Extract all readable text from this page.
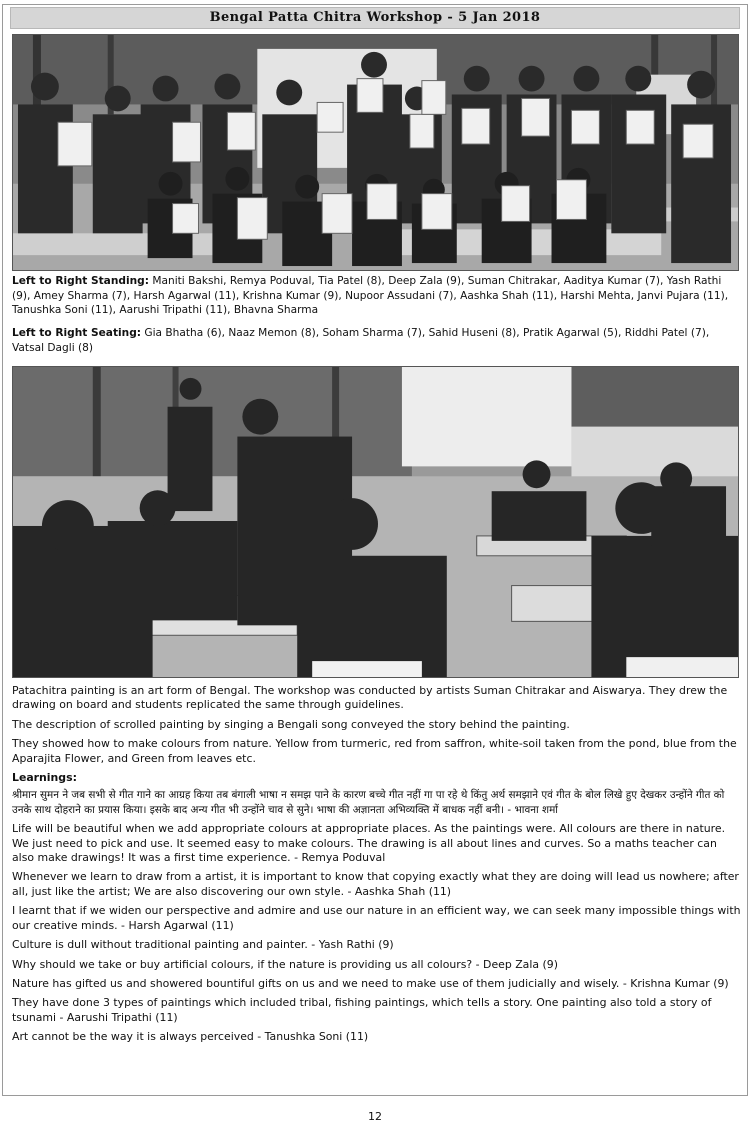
Bengal Patta Chitra Workshop - 5 Jan 2018
Left to Right Standing: Maniti Bakshi, Remya Poduval, Tia Patel (8), Deep Zala (9), Suman Chitrakar, Aaditya Kumar (7), Yash Rathi (9), Amey Sharma (7), Harsh Agarwal (11), Krishna Kumar (9), Nupoor Assudani (7), Aashka Shah (11), Harshi Mehta, Janvi Pujara (11), Tanushka Soni (11), Aarushi Tripathi (11), Bhavna Sharma
Left to Right Seating: Gia Bhatha (6), Naaz Memon (8), Soham Sharma (7), Sahid Huseni (8), Pratik Agarwal (5), Riddhi Patel (7), Vatsal Dagli (8)

Patachitra painting is an art form of Bengal. The workshop was conducted by artists Suman Chitrakar and Aiswarya. They drew the drawing on board and students replicated the same through guidelines.

The description of scrolled painting by singing a Bengali song conveyed the story behind the painting.

They showed how to make colours from nature. Yellow from turmeric, red from saffron, white-soil taken from the pond, blue from the Aparajita Flower, and Green from leaves etc.

Learnings:

श्रीमान सुमन ने जब सभी से गीत गाने का आग्रह किया तब बंगाली भाषा न समझ पाने के कारण बच्चे गीत नहीं गा पा रहे थे किंतु अर्थ समझाने एवं गीत के बोल लिखे हुए देखकर उन्होंने गीत को उनके साथ दोहराने का प्रयास किया। इसके बाद अन्य गीत भी उन्होंने चाव से सुने। भाषा की अज्ञानता अभिव्यक्ति में बाधक नहीं बनी। - भावना शर्मा

Life will be beautiful when we add appropriate colours at appropriate places. As the paintings were. All colours are there in nature. We just need to pick and use. It seemed easy to make colours. The drawing is all about lines and curves. So a maths teacher can also make drawings! It was a first time experience. - Remya Poduval

Whenever we learn to draw from a artist, it is important to know that copying exactly what they are doing will lead us nowhere; after all, just like the artist; We are also discovering our own style. - Aashka Shah (11)

I learnt that if we widen our perspective and admire and use our nature in an efficient way, we can seek many impossible things with our creative minds. - Harsh Agarwal (11)

Culture is dull without traditional painting and painter. - Yash Rathi (9)

Why should we take or buy artificial colours, if the nature is providing us all colours? - Deep Zala (9)

Nature has gifted us and showered bountiful gifts on us and we need to make use of them judicially and wisely. - Krishna Kumar (9)

They have done 3 types of paintings which included tribal, fishing paintings, which tells a story. One painting also told a story of tsunami - Aarushi Tripathi (11)

Art cannot be the way it is always perceived - Tanushka Soni (11)

12
